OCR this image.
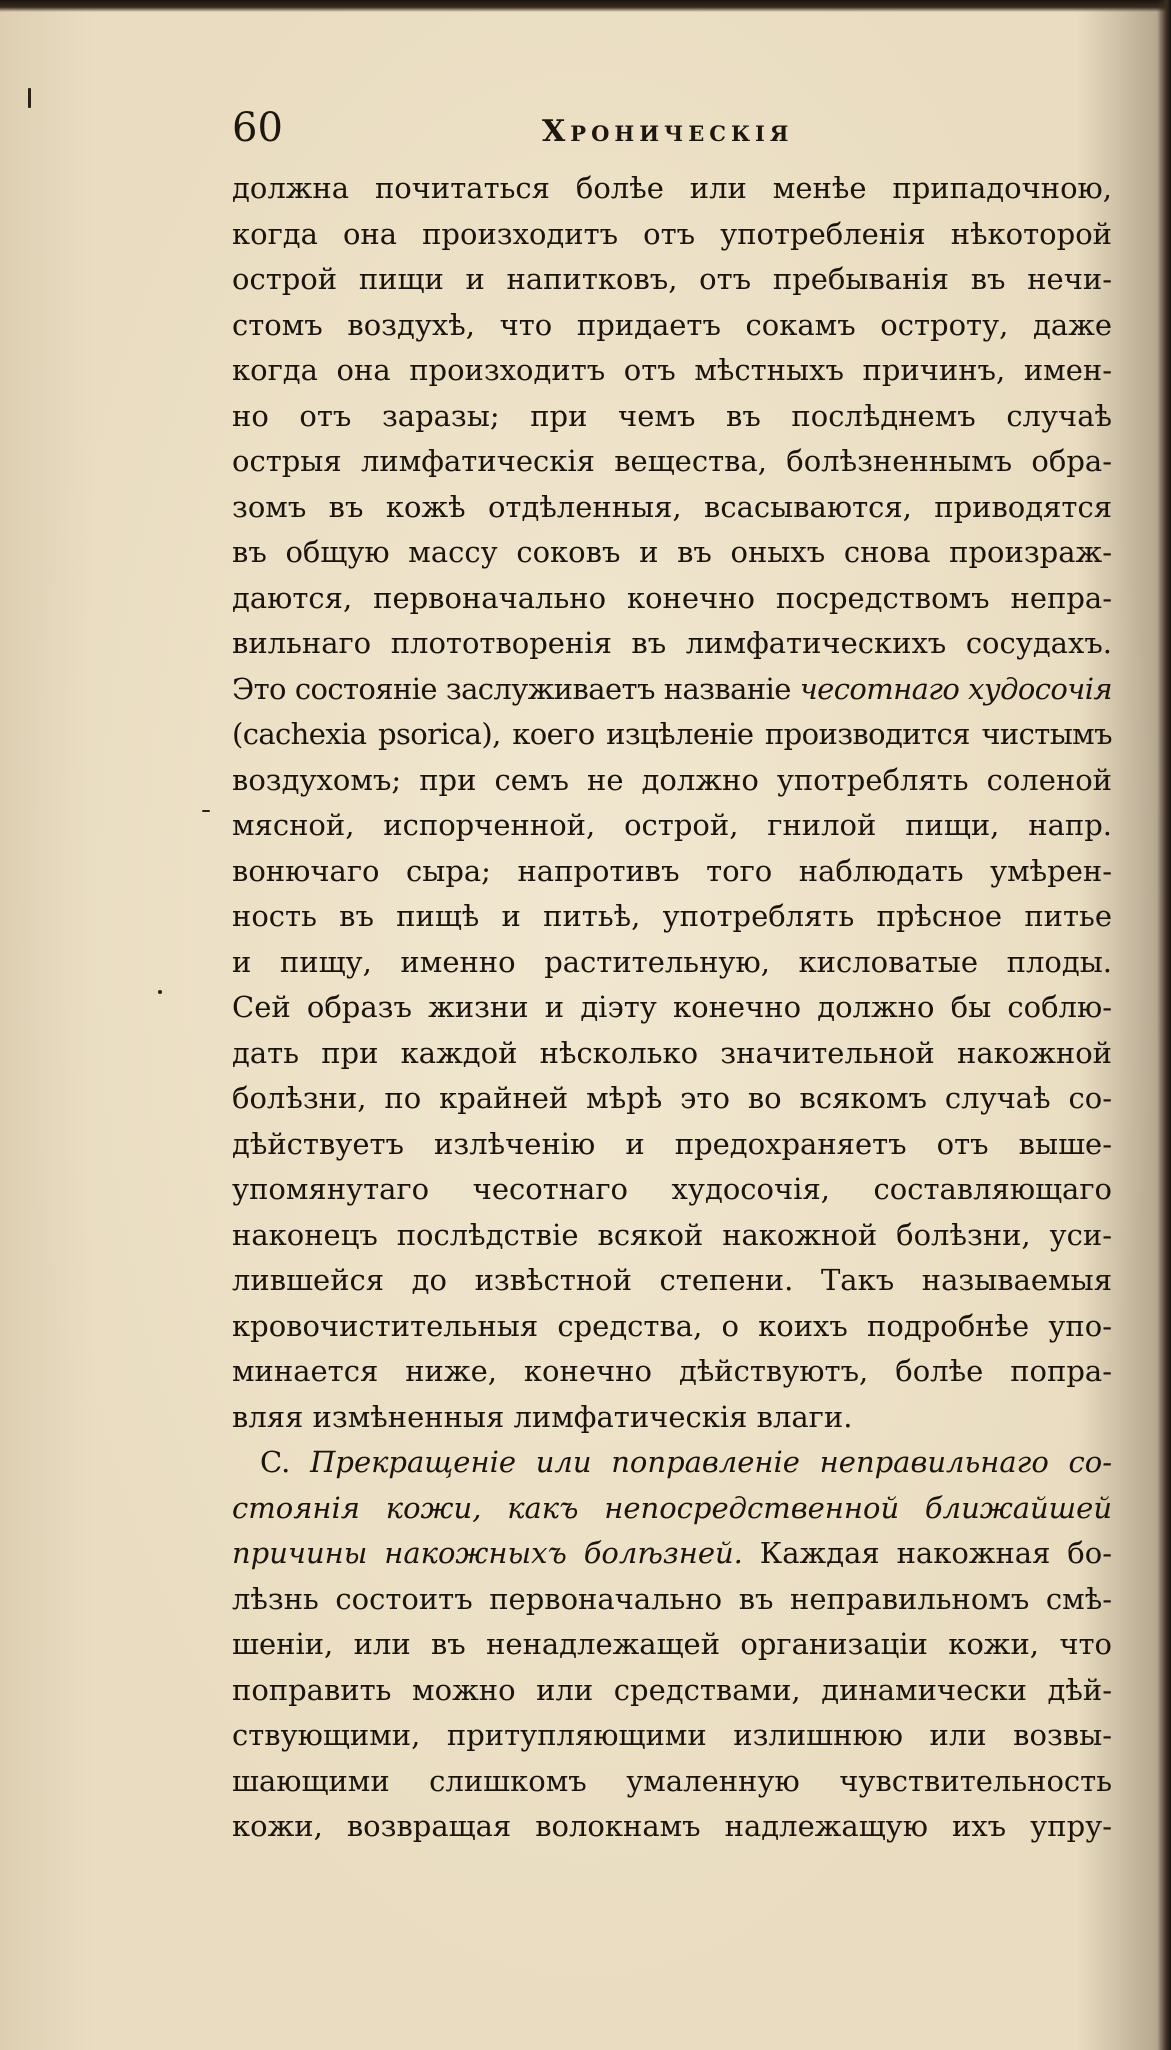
60	Хроническія
должна почитаться болѣе или менѣе припадочною,
когда она произходитъ отъ употребленія нѣкоторой
острой пищи и напитковъ, отъ пребыванія въ нечи-
стомъ воздухѣ, что придаетъ сокамъ остроту, даже
когда она произходитъ отъ мѣстныхъ причинъ, имен-
но отъ заразы; при чемъ въ послѣднемъ случаѣ
острыя лимфатическія вещества, болѣзненнымъ обра-
зомъ въ кожѣ отдѣленныя, всасываются, приводятся
въ общую массу соковъ и въ оныхъ снова произраж-
даются, первоначально конечно посредствомъ непра-
вильнаго плототворенія въ лимфатическихъ сосудахъ.
Это состояніе заслуживаетъ названіе чесотнаго худосочія
(cachexia psorica), коего изцѣленіе производится чистымъ
воздухомъ; при семъ не должно употреблять соленой
мясной, испорченной, острой, гнилой пищи, напр.
вонючаго сыра; напротивъ того наблюдать умѣрен-
ность въ пищѣ и питьѣ, употреблять прѣсное питье
и пищу, именно растительную, кисловатые плоды.
Сей образъ жизни и діэту конечно должно бы соблю-
дать при каждой нѣсколько значительной накожной
болѣзни, по крайней мѣрѣ это во всякомъ случаѣ со-
дѣйствуетъ излѣченію и предохраняетъ отъ выше-
упомянутаго чесотнаго худосочія, составляющаго
наконецъ послѣдствіе всякой накожной болѣзни, уси-
лившейся до извѣстной степени. Такъ называемыя
кровочистительныя средства, о коихъ подробнѣе упо-
минается ниже, конечно дѣйствуютъ, болѣе попра-
вляя измѣненныя лимфатическія влаги.
C. Прекращеніе или поправленіе неправильнаго со-
стоянія кожи, какъ непосредственной ближайшей
причины накожныхъ болѣзней. Каждая накожная бо-
лѣзнь состоитъ первоначально въ неправильномъ смѣ-
шеніи, или въ ненадлежащей организаціи кожи, что
поправить можно или средствами, динамически дѣй-
ствующими, притупляющими излишнюю или возвы-
шающими слишкомъ умаленную чувствительность
кожи, возвращая волокнамъ надлежащую ихъ упру-
